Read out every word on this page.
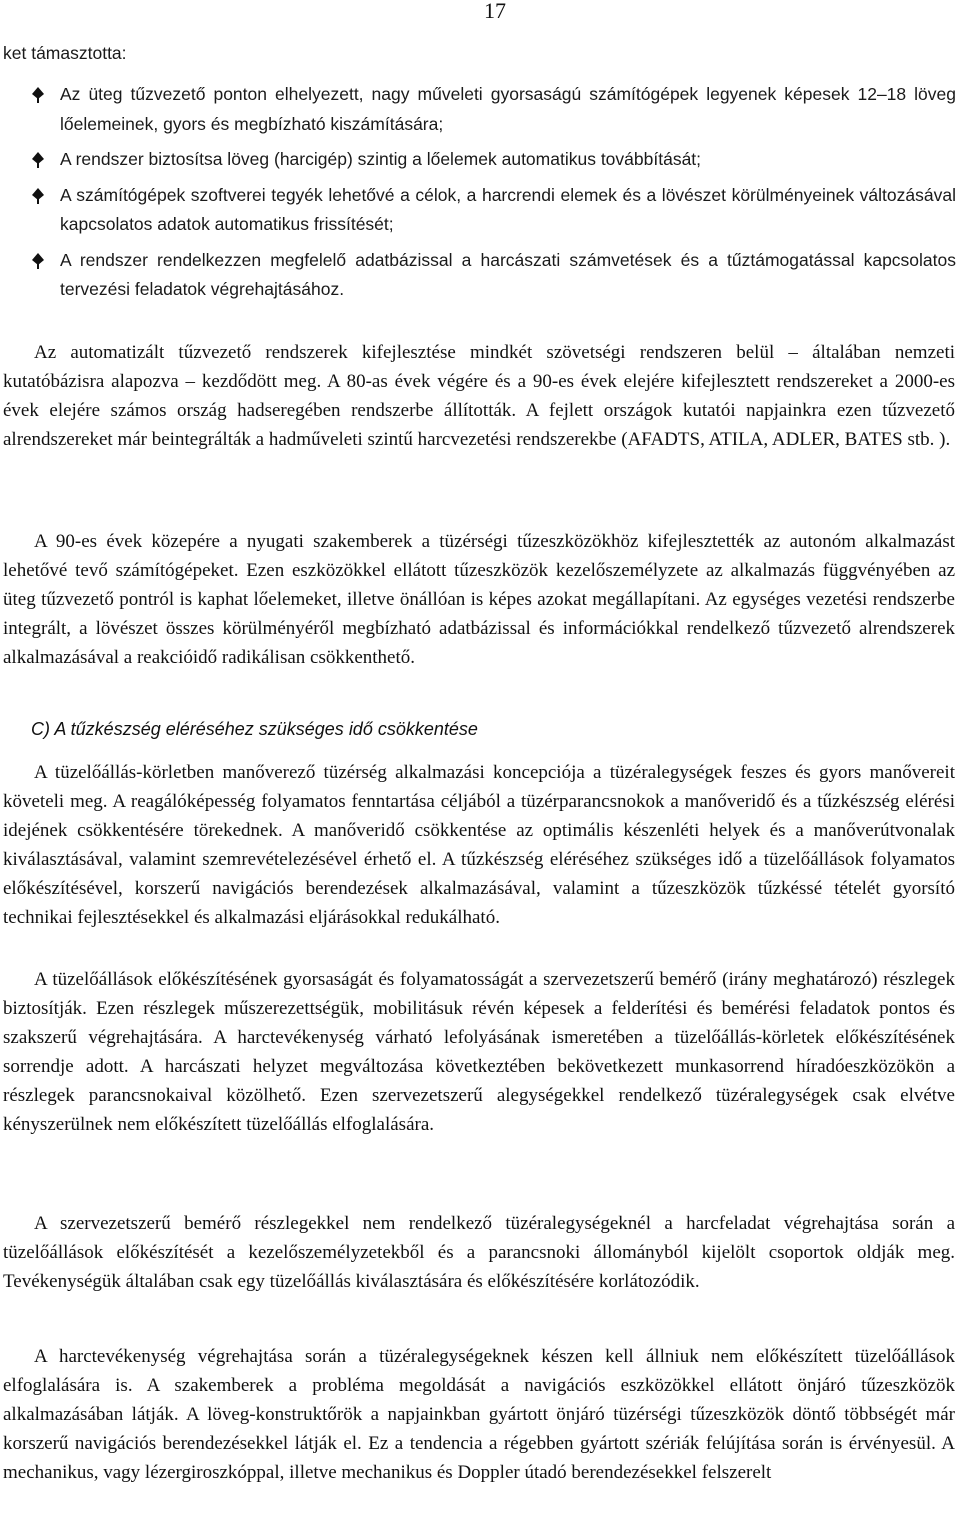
17
ket támasztotta:
Az üteg tűzvezető ponton elhelyezett, nagy műveleti gyorsaságú számítógépek legyenek képesek 12–18 löveg lőelemeinek, gyors és megbízható kiszámítására;
A rendszer biztosítsa löveg (harcigép) szintig a lőelemek automatikus továbbítását;
A számítógépek szoftverei tegyék lehetővé a célok, a harcrendi elemek és a lövészet körülményeinek változásával kapcsolatos adatok automatikus frissítését;
A rendszer rendelkezzen megfelelő adatbázissal a harcászati számvetések és a tűztámogatással kapcsolatos tervezési feladatok végrehajtásához.

Az automatizált tűzvezető rendszerek kifejlesztése mindkét szövetségi rendszeren belül – általában nemzeti kutatóbázisra alapozva – kezdődött meg. A 80-as évek végére és a 90-es évek elejére kifejlesztett rendszereket a 2000-es évek elejére számos ország hadseregében rendszerbe állították. A fejlett országok kutatói napjainkra ezen tűzvezető alrendszereket már beintegrálták a hadműveleti szintű harcvezetési rendszerekbe (AFADTS, ATILA, ADLER, BATES stb. ).

A 90-es évek közepére a nyugati szakemberek a tüzérségi tűzeszközökhöz kifejlesztették az autonóm alkalmazást lehetővé tevő számítógépeket. Ezen eszközökkel ellátott tűzeszközök kezelőszemélyzete az alkalmazás függvényében az üteg tűzvezető pontról is kaphat lőelemeket, illetve önállóan is képes azokat megállapítani. Az egységes vezetési rendszerbe integrált, a lövészet összes körülményéről megbízható adatbázissal és információkkal rendelkező tűzvezető alrendszerek alkalmazásával a reakcióidő radikálisan csökkenthető.

C) A tűzkészség eléréséhez szükséges idő csökkentése

A tüzelőállás-körletben manőverező tüzérség alkalmazási koncepciója a tüzéralegységek feszes és gyors manővereit követeli meg. A reagálóképesség folyamatos fenntartása céljából a tüzérparancsnokok a manőveridő és a tűzkészség elérési idejének csökkentésére törekednek. A manőveridő csökkentése az optimális készenléti helyek és a manőverútvonalak kiválasztásával, valamint szemrevételezésével érhető el. A tűzkészség eléréséhez szükséges idő a tüzelőállások folyamatos előkészítésével, korszerű navigációs berendezések alkalmazásával, valamint a tűzeszközök tűzkéssé tételét gyorsító technikai fejlesztésekkel és alkalmazási eljárásokkal redukálható.

A tüzelőállások előkészítésének gyorsaságát és folyamatosságát a szervezetszerű bemérő (irány meghatározó) részlegek biztosítják. Ezen részlegek műszerezettségük, mobilitásuk révén képesek a felderítési és bemérési feladatok pontos és szakszerű végrehajtására. A harctevékenység várható lefolyásának ismeretében a tüzelőállás-körletek előkészítésének sorrendje adott. A harcászati helyzet megváltozása következtében bekövetkezett munkasorrend híradóeszközökön a részlegek parancsnokaival közölhető. Ezen szervezetszerű alegységekkel rendelkező tüzéralegységek csak elvétve kényszerülnek nem előkészített tüzelőállás elfoglalására.

A szervezetszerű bemérő részlegekkel nem rendelkező tüzéralegységeknél a harcfeladat végrehajtása során a tüzelőállások előkészítését a kezelőszemélyzetekből és a parancsnoki állományból kijelölt csoportok oldják meg. Tevékenységük általában csak egy tüzelőállás kiválasztására és előkészítésére korlátozódik.

A harctevékenység végrehajtása során a tüzéralegységeknek készen kell állniuk nem előkészített tüzelőállások elfoglalására is. A szakemberek a probléma megoldását a navigációs eszközökkel ellátott önjáró tűzeszközök alkalmazásában látják. A löveg-konstruktőrök a napjainkban gyártott önjáró tüzérségi tűzeszközök döntő többségét már korszerű navigációs berendezésekkel látják el. Ez a tendencia a régebben gyártott szériák felújítása során is érvényesül. A mechanikus, vagy lézergiroszkóppal, illetve mechanikus és Doppler útadó berendezésekkel felszerelt
